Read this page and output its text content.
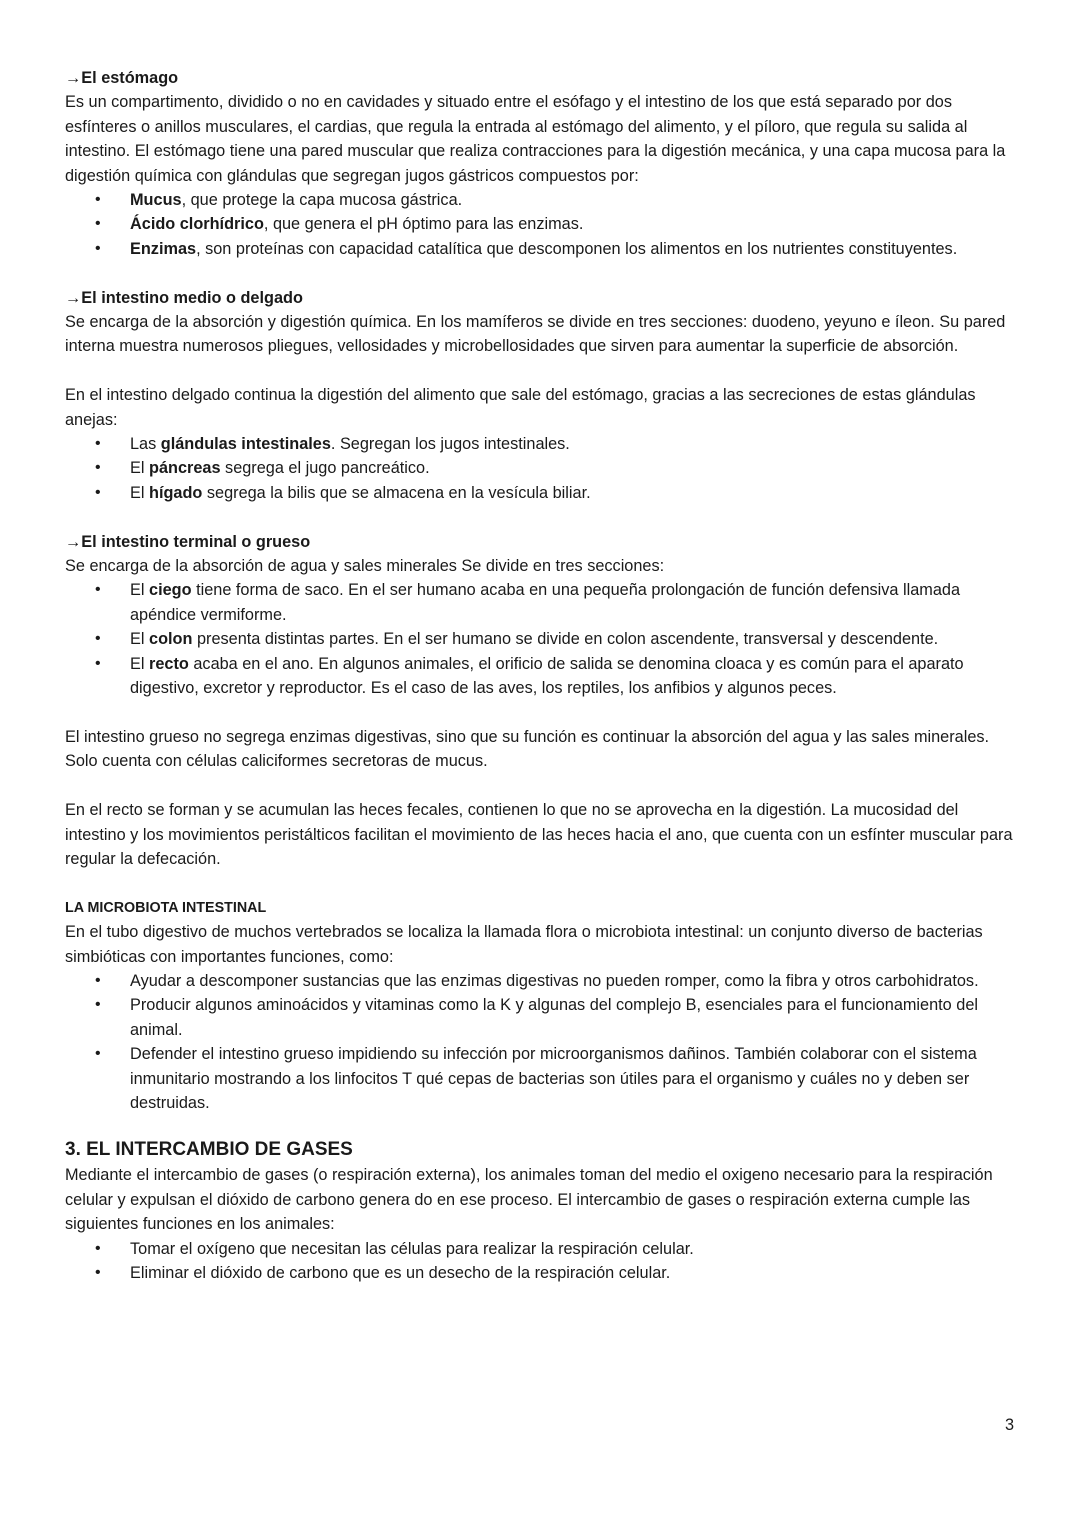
→El estómago

Es un compartimento, dividido o no en cavidades y situado entre el esófago y el intestino de los que está separado por dos esfínteres o anillos musculares, el cardias, que regula la entrada al estómago del alimento, y el píloro, que regula su salida al intestino. El estómago tiene una pared muscular que realiza contracciones para la digestión mecánica, y una capa mucosa para la digestión química con glándulas que segregan jugos gástricos compuestos por:

• Mucus, que protege la capa mucosa gástrica.
• Ácido clorhídrico, que genera el pH óptimo para las enzimas.
• Enzimas, son proteínas con capacidad catalítica que descomponen los alimentos en los nutrientes constituyentes.

→El intestino medio o delgado

Se encarga de la absorción y digestión química. En los mamíferos se divide en tres secciones: duodeno, yeyuno e íleon. Su pared interna muestra numerosos pliegues, vellosidades y microbellosidades que sirven para aumentar la superficie de absorción.

En el intestino delgado continua la digestión del alimento que sale del estómago, gracias a las secreciones de estas glándulas anejas:

• Las glándulas intestinales. Segregan los jugos intestinales.
• El páncreas segrega el jugo pancreático.
• El hígado segrega la bilis que se almacena en la vesícula biliar.

→El intestino terminal o grueso

Se encarga de la absorción de agua y sales minerales Se divide en tres secciones:

• El ciego tiene forma de saco. En el ser humano acaba en una pequeña prolongación de función defensiva llamada apéndice vermiforme.
• El colon presenta distintas partes. En el ser humano se divide en colon ascendente, transversal y descendente.
• El recto acaba en el ano. En algunos animales, el orificio de salida se denomina cloaca y es común para el aparato digestivo, excretor y reproductor. Es el caso de las aves, los reptiles, los anfibios y algunos peces.

El intestino grueso no segrega enzimas digestivas, sino que su función es continuar la absorción del agua y las sales minerales. Solo cuenta con células caliciformes secretoras de mucus.

En el recto se forman y se acumulan las heces fecales, contienen lo que no se aprovecha en la digestión. La mucosidad del intestino y los movimientos peristálticos facilitan el movimiento de las heces hacia el ano, que cuenta con un esfínter muscular para regular la defecación.

LA MICROBIOTA INTESTINAL

En el tubo digestivo de muchos vertebrados se localiza la llamada flora o microbiota intestinal: un conjunto diverso de bacterias simbióticas con importantes funciones, como:

• Ayudar a descomponer sustancias que las enzimas digestivas no pueden romper, como la fibra y otros carbohidratos.
• Producir algunos aminoácidos y vitaminas como la K y algunas del complejo B, esenciales para el funcionamiento del animal.
• Defender el intestino grueso impidiendo su infección por microorganismos dañinos. También colaborar con el sistema inmunitario mostrando a los linfocitos T qué cepas de bacterias son útiles para el organismo y cuáles no y deben ser destruidas.

3. EL INTERCAMBIO DE GASES

Mediante el intercambio de gases (o respiración externa), los animales toman del medio el oxigeno necesario para la respiración celular y expulsan el dióxido de carbono genera do en ese proceso. El intercambio de gases o respiración externa cumple las siguientes funciones en los animales:

• Tomar el oxígeno que necesitan las células para realizar la respiración celular.
• Eliminar el dióxido de carbono que es un desecho de la respiración celular.
3
